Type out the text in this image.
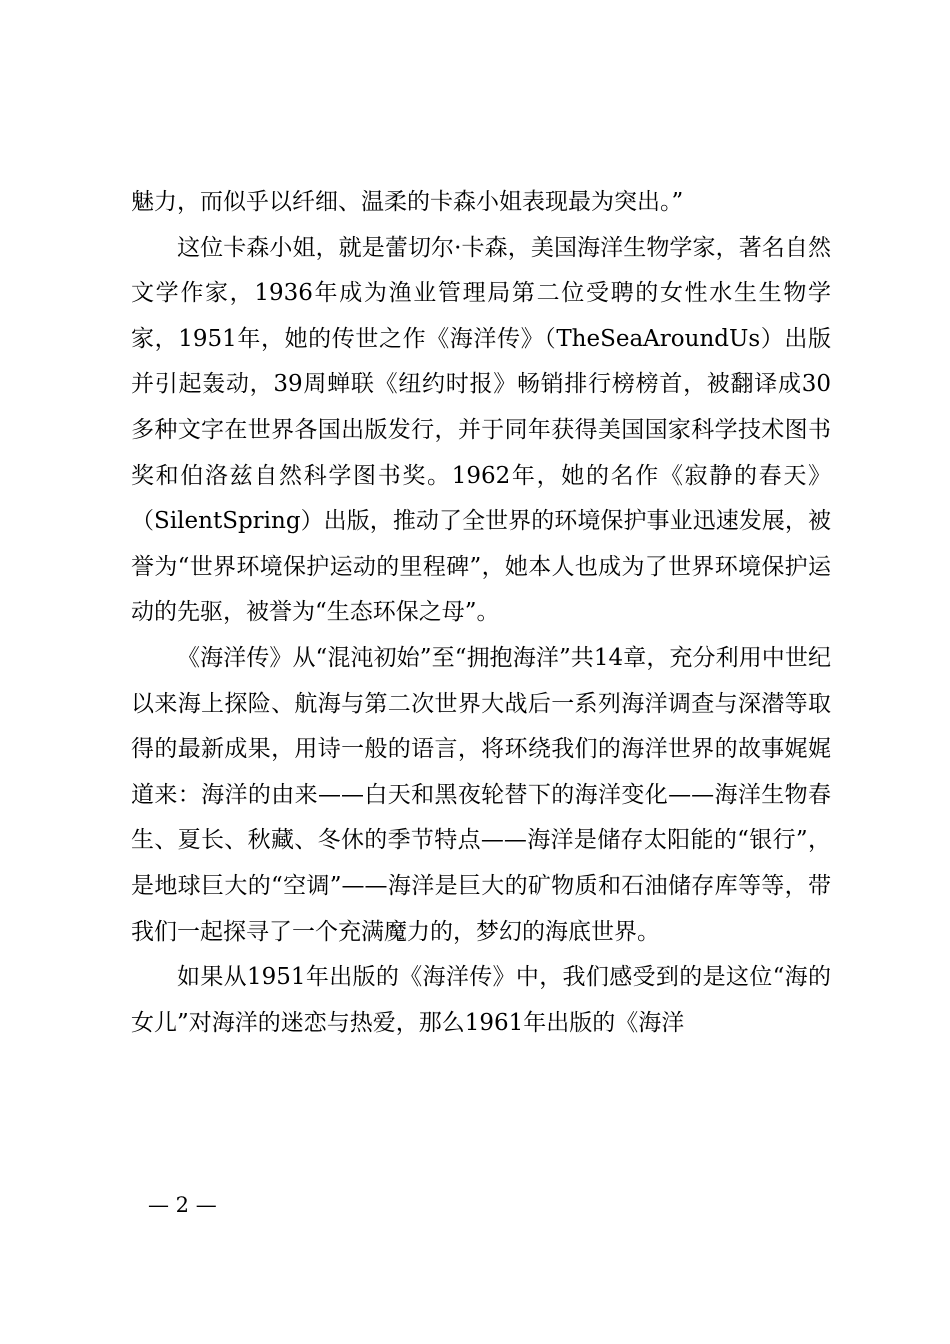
魅力，而似乎以纤细、温柔的卡森小姐表现最为突出。”

这位卡森小姐，就是蕾切尔·卡森，美国海洋生物学家，著名自然文学作家，1936年成为渔业管理局第二位受聘的女性水生生物学家，1951年，她的传世之作《海洋传》（TheSeaAroundUs）出版并引起轰动，39周蝉联《纽约时报》畅销排行榜榜首，被翻译成30多种文字在世界各国出版发行，并于同年获得美国国家科学技术图书奖和伯洛兹自然科学图书奖。1962年，她的名作《寂静的春天》（SilentSpring）出版，推动了全世界的环境保护事业迅速发展，被誉为“世界环境保护运动的里程碑”，她本人也成为了世界环境保护运动的先驱，被誉为“生态环保之母”。

《海洋传》从“混沌初始”至“拥抱海洋”共14章，充分利用中世纪以来海上探险、航海与第二次世界大战后一系列海洋调查与深潜等取得的最新成果，用诗一般的语言，将环绕我们的海洋世界的故事娓娓道来：海洋的由来——白天和黑夜轮替下的海洋变化——海洋生物春生、夏长、秋藏、冬休的季节特点——海洋是储存太阳能的“银行”，是地球巨大的“空调”——海洋是巨大的矿物质和石油储存库等等，带我们一起探寻了一个充满魔力的，梦幻的海底世界。

如果从1951年出版的《海洋传》中，我们感受到的是这位“海的女儿”对海洋的迷恋与热爱，那么1961年出版的《海洋

— 2 —
